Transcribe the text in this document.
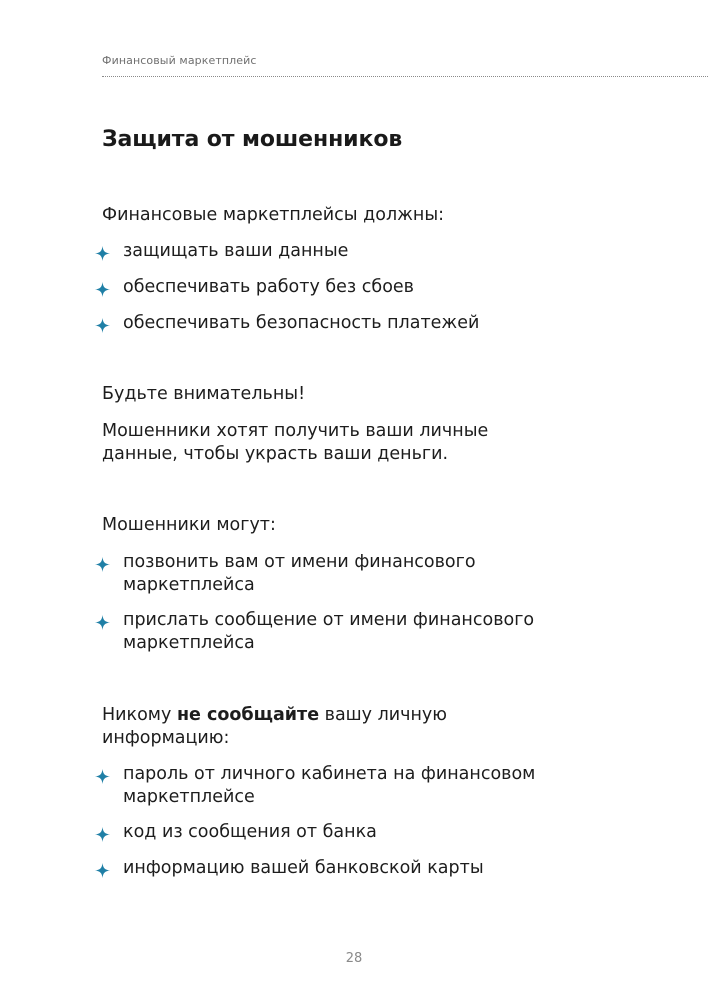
Финансовый маркетплейс
Защита от мошенников

Финансовые маркетплейсы должны:

защищать ваши данные
обеспечивать работу без сбоев
обеспечивать безопасность платежей

Будьте внимательны!

Мошенники хотят получить ваши личные
данные, чтобы украсть ваши деньги.

Мошенники могут:

позвонить вам от имени финансового
маркетплейса
прислать сообщение от имени финансового
маркетплейса

Никому не сообщайте вашу личную
информацию:

пароль от личного кабинета на финансовом
маркетплейсе
код из сообщения от банка
информацию вашей банковской карты
28
